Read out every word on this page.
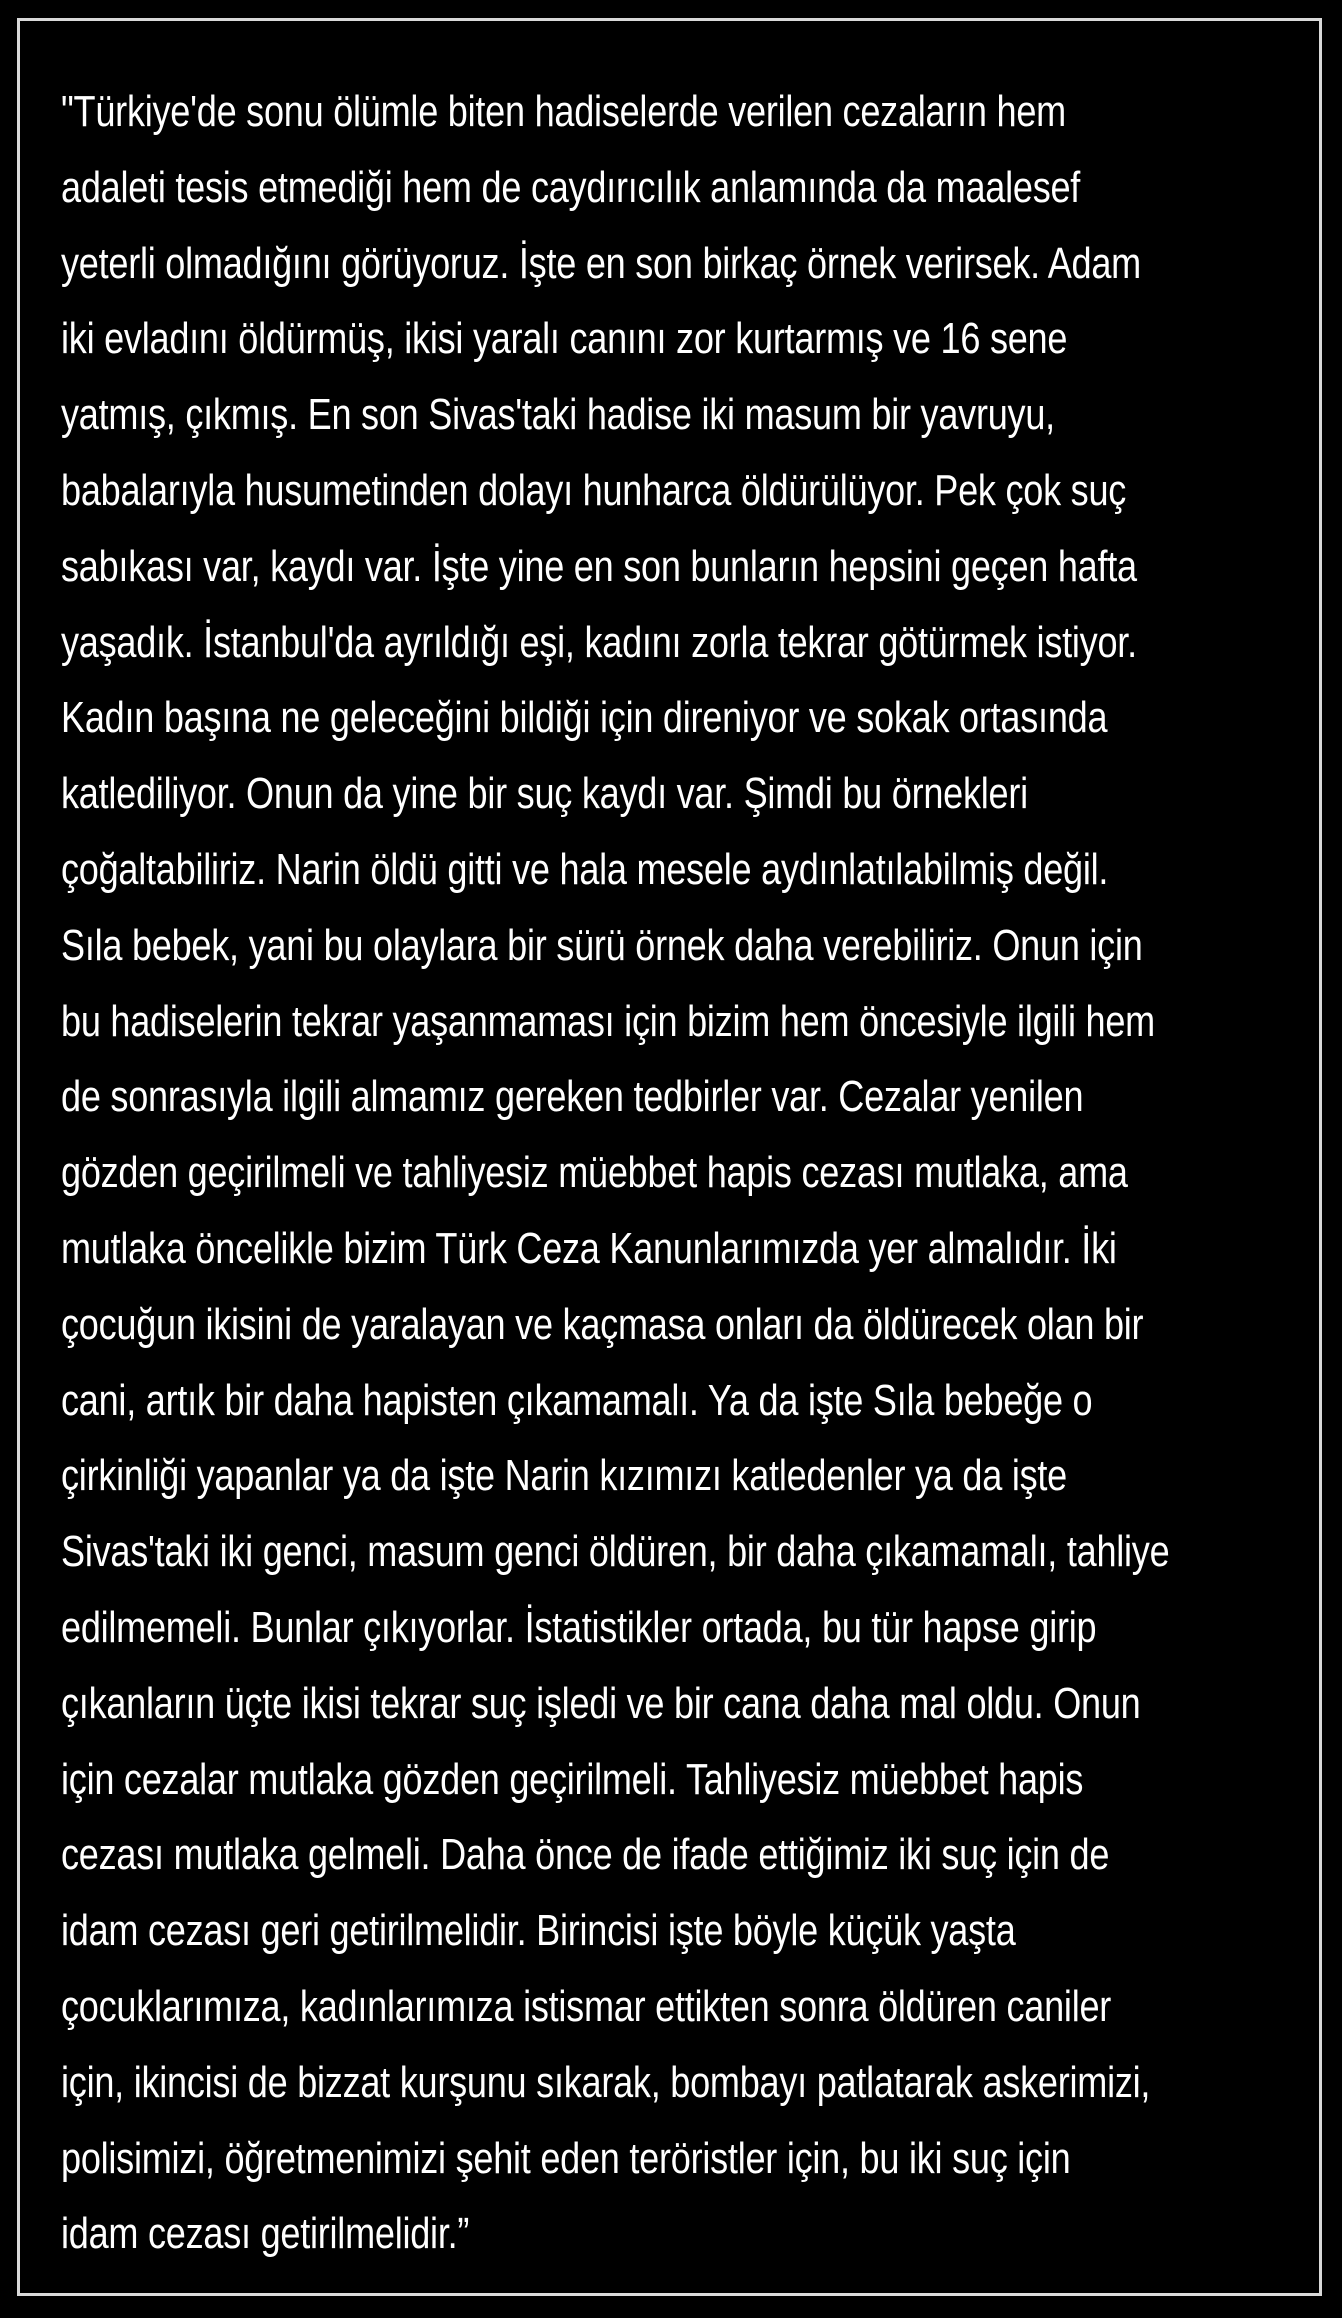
"Türkiye'de sonu ölümle biten hadiselerde verilen cezaların hem
adaleti tesis etmediği hem de caydırıcılık anlamında da maalesef
yeterli olmadığını görüyoruz. İşte en son birkaç örnek verirsek. Adam
iki evladını öldürmüş, ikisi yaralı canını zor kurtarmış ve 16 sene
yatmış, çıkmış. En son Sivas'taki hadise iki masum bir yavruyu,
babalarıyla husumetinden dolayı hunharca öldürülüyor. Pek çok suç
sabıkası var, kaydı var. İşte yine en son bunların hepsini geçen hafta
yaşadık. İstanbul'da ayrıldığı eşi, kadını zorla tekrar götürmek istiyor.
Kadın başına ne geleceğini bildiği için direniyor ve sokak ortasında
katlediliyor. Onun da yine bir suç kaydı var. Şimdi bu örnekleri
çoğaltabiliriz. Narin öldü gitti ve hala mesele aydınlatılabilmiş değil.
Sıla bebek, yani bu olaylara bir sürü örnek daha verebiliriz. Onun için
bu hadiselerin tekrar yaşanmaması için bizim hem öncesiyle ilgili hem
de sonrasıyla ilgili almamız gereken tedbirler var. Cezalar yenilen
gözden geçirilmeli ve tahliyesiz müebbet hapis cezası mutlaka, ama
mutlaka öncelikle bizim Türk Ceza Kanunlarımızda yer almalıdır. İki
çocuğun ikisini de yaralayan ve kaçmasa onları da öldürecek olan bir
cani, artık bir daha hapisten çıkamamalı. Ya da işte Sıla bebeğe o
çirkinliği yapanlar ya da işte Narin kızımızı katledenler ya da işte
Sivas'taki iki genci, masum genci öldüren, bir daha çıkamamalı, tahliye
edilmemeli. Bunlar çıkıyorlar. İstatistikler ortada, bu tür hapse girip
çıkanların üçte ikisi tekrar suç işledi ve bir cana daha mal oldu. Onun
için cezalar mutlaka gözden geçirilmeli. Tahliyesiz müebbet hapis
cezası mutlaka gelmeli. Daha önce de ifade ettiğimiz iki suç için de
idam cezası geri getirilmelidir. Birincisi işte böyle küçük yaşta
çocuklarımıza, kadınlarımıza istismar ettikten sonra öldüren caniler
için, ikincisi de bizzat kurşunu sıkarak, bombayı patlatarak askerimizi,
polisimizi, öğretmenimizi şehit eden teröristler için, bu iki suç için
idam cezası getirilmelidir.”
